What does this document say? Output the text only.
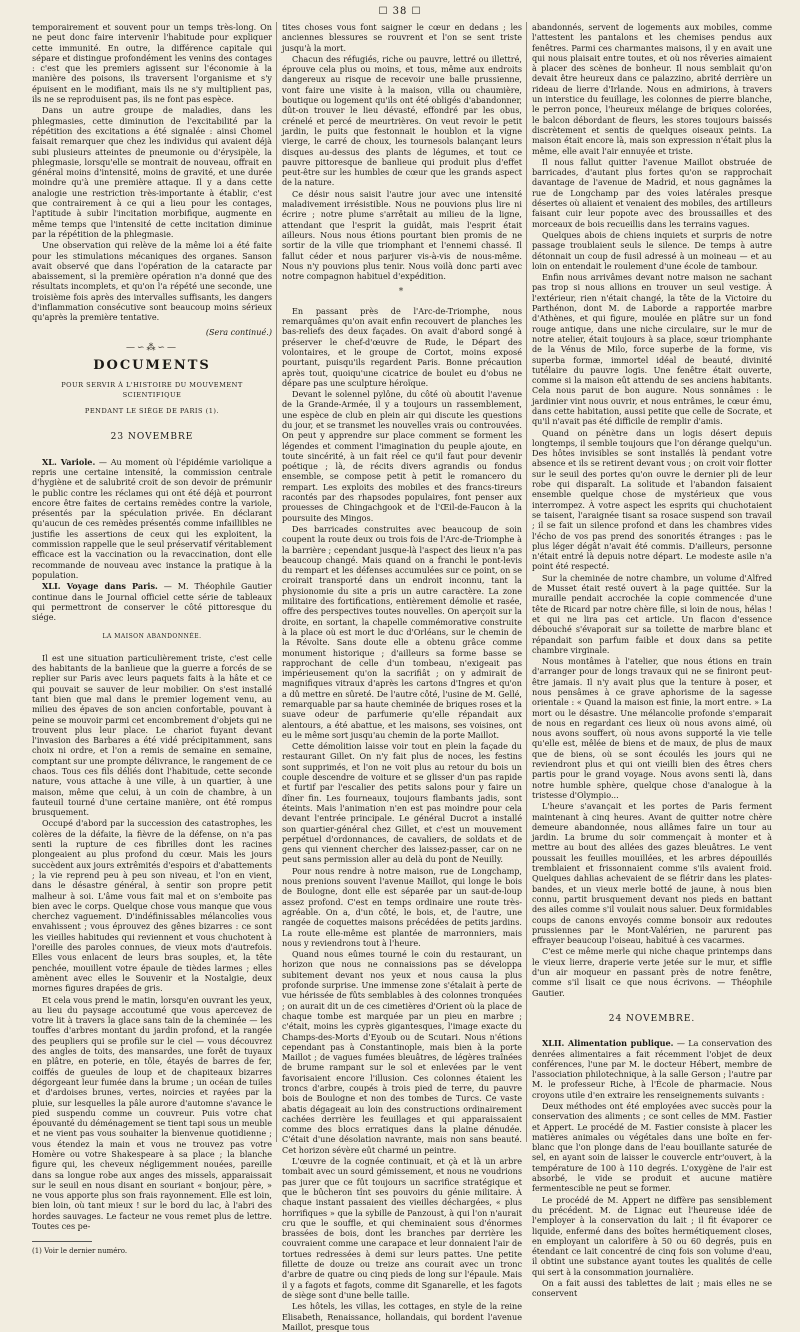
☐ 38 ☐

temporairement et souvent pour un temps très-long. On ne peut donc faire intervenir l'habitude pour expliquer cette immunité. En outre, la différence capitale qui sépare et distingue profondément les venins des contages : c'est que les premiers agissent sur l'économie à la manière des poisons, ils traversent l'organisme et s'y épuisent en le modifiant, mais ils ne s'y multiplient pas, ils ne se reproduisent pas, ils ne font pas espèce.

Dans un autre groupe de maladies, dans les phlegmasies, cette diminution de l'excitabilité par la répétition des excitations a été signalée : ainsi Chomel faisait remarquer que chez les individus qui avaient déjà subi plusieurs atteintes de pneumonie ou d'érysipèle, la phlegmasie, lorsqu'elle se montrait de nouveau, offrait en général moins d'intensité, moins de gravité, et une durée moindre qu'à une première attaque. Il y a dans cette analogie une restriction très-importante à établir, c'est que contrairement à ce qui a lieu pour les contages, l'aptitude à subir l'incitation morbifique, augmente en même temps que l'intensité de cette incitation diminue par la répétition de la phlegmasie.

Une observation qui relève de la même loi a été faite pour les stimulations mécaniques des organes. Sanson avait observé que dans l'opération de la cataracte par abaissement, si la première opération n'a donné que des résultats incomplets, et qu'on l'a répété une seconde, une troisième fois après des intervalles suffisants, les dangers d'inflammation consécutive sont beaucoup moins sérieux qu'après la première tentative.

(Sera continué.)
—∽⁂∽—
DOCUMENTS
POUR SERVIR À L'HISTOIRE DU MOUVEMENT SCIENTIFIQUE
PENDANT LE SIÉGE DE PARIS (1).
23 NOVEMBRE

XL. Variole. — Au moment où l'épidémie variolique a repris une certaine intensité, la commission centrale d'hygiène et de salubrité croit de son devoir de prémunir le public contre les réclames qui ont été déjà et pourront encore être faites de certains remèdes contre la variole, présentés par la spéculation privée. En déclarant qu'aucun de ces remèdes présentés comme infaillibles ne justifie les assertions de ceux qui les exploitent, la commission rappelle que le seul préservatif véritablement efficace est la vaccination ou la revaccination, dont elle recommande de nouveau avec instance la pratique à la population.

XLI. Voyage dans Paris. — M. Théophile Gautier continue dans le Journal officiel cette série de tableaux qui permettront de conserver le côté pittoresque du siége.

LA MAISON ABANDONNÉE.

Il est une situation particulièrement triste, c'est celle des habitants de la banlieue que la guerre a forcés de se replier sur Paris avec leurs paquets faits à la hâte et ce qui pouvait se sauver de leur mobilier. On s'est installé tant bien que mal dans le premier logement venu, au milieu des épaves de son ancien confortable, pouvant à peine se mouvoir parmi cet encombrement d'objets qui ne trouvent plus leur place. Le chariot fuyant devant l'invasion des Barbares a été vidé précipitamment, sans choix ni ordre, et l'on a remis de semaine en semaine, comptant sur une prompte délivrance, le rangement de ce chaos. Tous ces fils déliés dont l'habitude, cette seconde nature, vous attache à une ville, à un quartier, à une maison, même que celui, à un coin de chambre, à un fauteuil tourné d'une certaine manière, ont été rompus brusquement.

Occupé d'abord par la succession des catastrophes, les colères de la défaite, la fièvre de la défense, on n'a pas senti la rupture de ces fibrilles dont les racines plongeaient au plus profond du cœur. Mais les jours succèdent aux jours extrêmités d'espoirs et d'abattements ; la vie reprend peu à peu son niveau, et l'on en vient, dans le désastre général, à sentir son propre petit malheur à soi. L'âme vous fait mal et on s'emboite pas bien avec le corps. Quelque chose vous manque que vous cherchez vaguement. D'indéfinissables mélancolies vous envahissent ; vous éprouvez des gênes bizarres : ce sont les vieilles habitudes qui reviennent et vous chuchotent à l'oreille des paroles connues, de vieux mots d'autrefois. Elles vous enlacent de leurs bras souples, et, la tête penchée, mouillent votre épaule de tièdes larmes ; elles amènent avec elles le Souvenir et la Nostalgie, deux mornes figures drapées de gris.

Et cela vous prend le matin, lorsqu'en ouvrant les yeux, au lieu du paysage accoutumé que vous apercevez de votre lit à travers la glace sans tain de la cheminée — les touffes d'arbres montant du jardin profond, et la rangée des peupliers qui se profile sur le ciel — vous découvrez des angles de toits, des mansardes, une forêt de tuyaux en plâtre, en poterie, en tôle, étayés de barres de fer, coiffés de gueules de loup et de chapiteaux bizarres dégorgeant leur fumée dans la brume ; un océan de tuiles et d'ardoises brunes, vertes, noircies et rayées par la pluie, sur lesquelles la pâle aurore d'automne s'avance le pied suspendu comme un couvreur. Puis votre chat épouvanté du déménagement se tient tapi sous un meuble et ne vient pas vous souhaiter la bienvenue quotidienne ; vous étendez la main et vous ne trouvez pas votre Homère ou votre Shakespeare à sa place ; la blanche figure qui, les cheveux négligemment nouées, pareille dans sa longue robe aux anges des missels, apparaissait sur le seuil en nous disant en souriant « bonjour, père, » ne vous apporte plus son frais rayonnement. Elle est loin, bien loin, où tant mieux ! sur le bord du lac, à l'abri des hordes sauvages. Le facteur ne vous remet plus de lettre. Toutes ces pe-

(1) Voir le dernier numéro.

tites choses vous font saigner le cœur en dedans ; les anciennes blessures se rouvrent et l'on se sent triste jusqu'à la mort.

Chacun des réfugiés, riche ou pauvre, lettré ou illettré, éprouve cela plus ou moins, et tous, même aux endroits dangereux au risque de recevoir une balle prussienne, vont faire une visite à la maison, villa ou chaumière, boutique ou logement qu'ils ont été obligés d'abandonner, dût-on trouver le lieu dévasté, effondré par les obus, crénelé et percé de meurtrières. On veut revoir le petit jardin, le puits que festonnait le houblon et la vigne vierge, le carré de choux, les tournesols balançant leurs disques au-dessus des plants de légumes, et tout ce pauvre pittoresque de banlieue qui produit plus d'effet peut-être sur les humbles de cœur que les grands aspect de la nature.

Ce désir nous saisit l'autre jour avec une intensité maladivement irrésistible. Nous ne pouvions plus lire ni écrire ; notre plume s'arrêtait au milieu de la ligne, attendant que l'esprit la guidât, mais l'esprit était ailleurs. Nous nous étions pourtant bien promis de ne sortir de la ville que triomphant et l'ennemi chassé. Il fallut céder et nous parjurer vis-à-vis de nous-même. Nous n'y pouvions plus tenir. Nous voilà donc parti avec notre compagnon habituel d'expédition.

*

En passant près de l'Arc-de-Triomphe, nous remarquâmes qu'on avait enfin recouvert de planches les bas-reliefs des deux façades. On avait d'abord songé à préserver le chef-d'œuvre de Rude, le Départ des volontaires, et le groupe de Cortot, moins exposé pourtant, puisqu'ils regardent Paris. Bonne précaution après tout, quoiqu'une cicatrice de boulet eu d'obus ne dépare pas une sculpture héroïque.

Devant le solennel pylône, du côté où aboutit l'avenue de la Grande-Armée, il y a toujours un rassemblement, une espèce de club en plein air qui discute les questions du jour, et se transmet les nouvelles vrais ou controuvées. On peut y apprendre sur place comment se forment les légendes et comment l'imagination du peuple ajoute, en toute sincérité, à un fait réel ce qu'il faut pour devenir poétique ; là, de récits divers agrandis ou fondus ensemble, se compose petit à petit le romancero du rempart. Les exploits des mobiles et des francs-tireurs racontés par des rhapsodes populaires, font penser aux prouesses de Chingachgook et de l'Œil-de-Faucon à la poursuite des Mingos.

Des barricades construites avec beaucoup de soin coupent la route deux ou trois fois de l'Arc-de-Triomphe à la barrière ; cependant jusque-là l'aspect des lieux n'a pas beaucoup changé. Mais quand on a franchi le pont-levis du rempart et les défenses accumulées sur ce point, on se croirait transporté dans un endroit inconnu, tant la physionomie du site a pris un autre caractère. La zone militaire des fortifications, entièrement démolie et rasée, offre des perspectives toutes nouvelles. On aperçoit sur la droite, en sortant, la chapelle commémorative construite à la place où est mort le duc d'Orléans, sur le chemin de la Révolte. Sans doute elle a obtenu grâce comme monument historique ; d'ailleurs sa forme basse se rapprochant de celle d'un tombeau, n'exigeait pas impérieusement qu'on la sacrifiât ; on y admirait de magnifiques vitraux d'après les cartons d'Ingres et qu'on a dû mettre en sûreté. De l'autre côté, l'usine de M. Gellé, remarquable par sa haute cheminée de briques roses et la suave odeur de parfumerie qu'elle répandait aux alentours, a été abattue, et les maisons, ses voisines, ont eu le même sort jusqu'au chemin de la porte Maillot.

Cette démolition laisse voir tout en plein la façade du restaurant Gillet. On n'y fait plus de noces, les festins sont supprimés, et l'on ne voit plus au retour du bois un couple descendre de voiture et se glisser d'un pas rapide et furtif par l'escalier des petits salons pour y faire un dîner fin. Les fourneaux, toujours flambants jadis, sont éteints. Mais l'animation n'en est pas moindre pour cela devant l'entrée principale. Le général Ducrot a installé son quartier-général chez Gillet, et c'est un mouvement perpétuel d'ordonnances, de cavaliers, de soldats et de gens qui viennent chercher des laissez-passer, car on ne peut sans permission aller au delà du pont de Neuilly.

Pour nous rendre à notre maison, rue de Longchamp, nous prenions souvent l'avenue Maillot, qui longe le bois de Boulogne, dont elle est séparée par un saut-de-loup assez profond. C'est en temps ordinaire une route très-agréable. On a, d'un côté, le bois, et, de l'autre, une rangée de coquettes maisons précédées de petits jardins. La route elle-même est plantée de marronniers, mais nous y reviendrons tout à l'heure.

Quand nous eûmes tourné le coin du restaurant, un horizon que nous ne connaissions pas se développa subitement devant nos yeux et nous causa la plus profonde surprise. Une immense zone s'étalait à perte de vue hérissée de fûts semblables à des colonnes tronquées ; on aurait dit un de ces cimetières d'Orient où la place de chaque tombe est marquée par un pieu en marbre ; c'était, moins les cyprès gigantesques, l'image exacte du Champs-des-Morts d'Eyoub ou de Scutari. Nous n'étions cependant pas à Constantinople, mais bien à la porte Maillot ; de vagues fumées bleuâtres, de légères traînées de brume rampant sur le sol et enlevées par le vent favorisaient encore l'illusion. Ces colonnes étaient les troncs d'arbre, coupés à trois pied de terre, du pauvre bois de Boulogne et non des tombes de Turcs. Ce vaste abatis dégageait au loin des constructions ordinairement cachées derrière les feuillages et qui apparaissaient comme des blocs erratiques dans la plaine dénudée. C'était d'une désolation navrante, mais non sans beauté. Cet horizon sévère eût charmé un peintre.

L'œuvre de la cognée continuait, et çà et là un arbre tombait avec un sourd gémissement, et nous ne voudrions pas jurer que ce fût toujours un sacrifice stratégique et que le bûcheron tînt ses pouvoirs du génie militaire. À chaque instant passaient des vieilles déchargées, « plus horrifiques » que la sybille de Panzoust, à qui l'on n'aurait cru que le souffle, et qui cheminaient sous d'énormes brassées de bois, dont les branches par derrière les couvraient comme une carapace et leur donnaient l'air de tortues redressées à demi sur leurs pattes. Une petite fillette de douze ou treize ans courait avec un tronc d'arbre de quatre ou cinq pieds de long sur l'épaule. Mais il y a fagots et fagots, comme dit Sganarelle, et les fagots de siège sont d'une belle taille.

Les hôtels, les villas, les cottages, en style de la reine Elisabeth, Renaissance, hollandais, qui bordent l'avenue Maillot, presque tous

abandonnés, servent de logements aux mobiles, comme l'attestent les pantalons et les chemises pendus aux fenêtres. Parmi ces charmantes maisons, il y en avait une qui nous plaisait entre toutes, et où nos rêveries aimaient à placer des scènes de bonheur. Il nous semblait qu'on devait être heureux dans ce palazzino, abrité derrière un rideau de lierre d'Irlande. Nous en admirions, à travers un interstice du feuillage, les colonnes de pierre blanche, le perron ponce, l'heureux mélange de briques colorées, le balcon débordant de fleurs, les stores toujours baissés discrètement et sentis de quelques oiseaux peints. La maison était encore là, mais son expression n'était plus la même, elle avait l'air ennuyée et triste.

Il nous fallut quitter l'avenue Maillot obstruée de barricades, d'autant plus fortes qu'on se rapprochait davantage de l'avenue de Madrid, et nous gagnâmes la rue de Longchamp par des voies latérales presque désertes où aliaient et venaient des mobiles, des artilleurs faisant cuir leur popote avec des broussailles et des morceaux de bois recueillis dans les terrains vagues.

Quelques abois de chiens inquiets et surpris de notre passage troublaient seuls le silence. De temps à autre détonnait un coup de fusil adressé à un moineau — et au loin on entendait le roulement d'une école de tambour.

Enfin nous arrivâmes devant notre maison ne sachant pas trop si nous allions en trouver un seul vestige. À l'extérieur, rien n'était changé, la tête de la Victoire du Parthénon, dont M. de Laborde a rapportée marbre d'Athènes, et qui figure, moulée en plâtre sur un fond rouge antique, dans une niche circulaire, sur le mur de notre atelier, était toujours à sa place, sœur triomphante de la Vénus de Milo, force superbe de la forme, vis superba formæ, immortel idéal de beauté, divinité tutélaire du pauvre logis. Une fenêtre était ouverte, comme si la maison eût attendu de ses anciens habitants. Cela nous parut de bon augure. Nous sonnâmes : le jardinier vint nous ouvrir, et nous entrâmes, le cœur ému, dans cette habitation, aussi petite que celle de Socrate, et qu'il n'avait pas été difficile de remplir d'amis.

Quand on pénètre dans un logis désert depuis longtemps, il semble toujours que l'on dérange quelqu'un. Des hôtes invisibles se sont installés là pendant votre absence et ils se retirent devant vous ; on croit voir flotter sur le seuil des portes qu'on ouvre le dernier pli de leur robe qui disparaît. La solitude et l'abandon faisaient ensemble quelque chose de mystérieux que vous interrompez. À votre aspect les esprits qui chuchotaient se taisent, l'araignée tisant sa rosace suspend son travail ; il se fait un silence profond et dans les chambres vides l'écho de vos pas prend des sonorités étranges : pas le plus léger dégât n'avait été commis. D'ailleurs, personne n'était entré là depuis notre départ. Le modeste asile n'a point été respecté.

Sur la cheminée de notre chambre, un volume d'Alfred de Musset était resté ouvert à la page quittée. Sur la muraille pendait accrochée la copie commencée d'une tête de Ricard par notre chère fille, si loin de nous, hélas ! et qui ne lira pas cet article. Un flacon d'essence débouché s'évaporait sur sa toilette de marbre blanc et répandait son parfum faible et doux dans sa petite chambre virginale.

Nous montâmes à l'atelier, que nous étions en train d'arranger pour de longs travaux qui ne se finiront peut-être jamais. Il n'y avait plus que la tenture à poser, et nous pensâmes à ce grave aphorisme de la sagesse orientale : « Quand la maison est finie, la mort entre. » La mort ou le désastre. Une mélancolie profonde s'emparait de nous en regardant ces lieux où nous avons aimé, où nous avons souffert, où nous avons supporté la vie telle qu'elle est, mêlée de biens et de maux, de plus de maux que de biens, où se sont écoulés les jours qui ne reviendront plus et qui ont vieilli bien des êtres chers partis pour le grand voyage. Nous avons senti là, dans notre humble sphère, quelque chose d'analogue à la tristesse d'Olympio...

L'heure s'avançait et les portes de Paris ferment maintenant à cinq heures. Avant de quitter notre chère demeure abandonnée, nous allâmes faire un tour au jardin. La brume du soir commençait à monter et à mettre au bout des allées des gazes bleuâtres. Le vent poussait les feuilles mouillées, et les arbres dépouillés tremblaient et frissonnaient comme s'ils avaient froid. Quelques dahlias achevaient de se flétrir dans les plates-bandes, et un vieux merle botté de jaune, à nous bien connu, partit brusquement devant nos pieds en battant des ailes comme s'il voulait nous saluer. Deux formidables coups de canons envoyés comme bonsoir aux redoutes prussiennes par le Mont-Valérien, ne parurent pas effrayer beaucoup l'oiseau, habitué à ces vacarmes.

C'est ce même merle qui niche chaque printemps dans le vieux lierre, draperie verte jetée sur le mur, et siffle d'un air moqueur en passant près de notre fenêtre, comme s'il lisait ce que nous écrivons. — Théophile Gautier.

24 NOVEMBRE.

XLII. Alimentation publique. — La conservation des denrées alimentaires a fait récemment l'objet de deux conférences, l'une par M. le docteur Hébert, membre de l'association philotechnique, à la salle Gerson ; l'autre par M. le professeur Riche, à l'École de pharmacie. Nous croyons utile d'en extraire les renseignements suivants :

Deux méthodes ont été employées avec succès pour la conservation des aliments ; ce sont celles de MM. Fastier et Appert. Le procédé de M. Fastier consiste à placer les matières animales ou végétales dans une boîte en fer-blanc que l'on plonge dans de l'eau bouillante saturée de sel, en ayant soin de laisser le couvercle entr'ouvert, à la température de 100 à 110 degrés. L'oxygène de l'air est absorbé, le vide se produit et aucune matière fermentescible ne peut se former.

Le procédé de M. Appert ne diffère pas sensiblement du précédent. M. de Lignac eut l'heureuse idée de l'employer à la conservation du lait ; il fit évaporer ce liquide, enfermé dans des boîtes hermétiquement closes, en employant un calorifère à 50 ou 60 degrés, puis en étendant ce lait concentré de cinq fois son volume d'eau, il obtint une substance ayant toutes les qualités de celle qui sert à la consommation journalière.

On a fait aussi des tablettes de lait ; mais elles ne se conservent
